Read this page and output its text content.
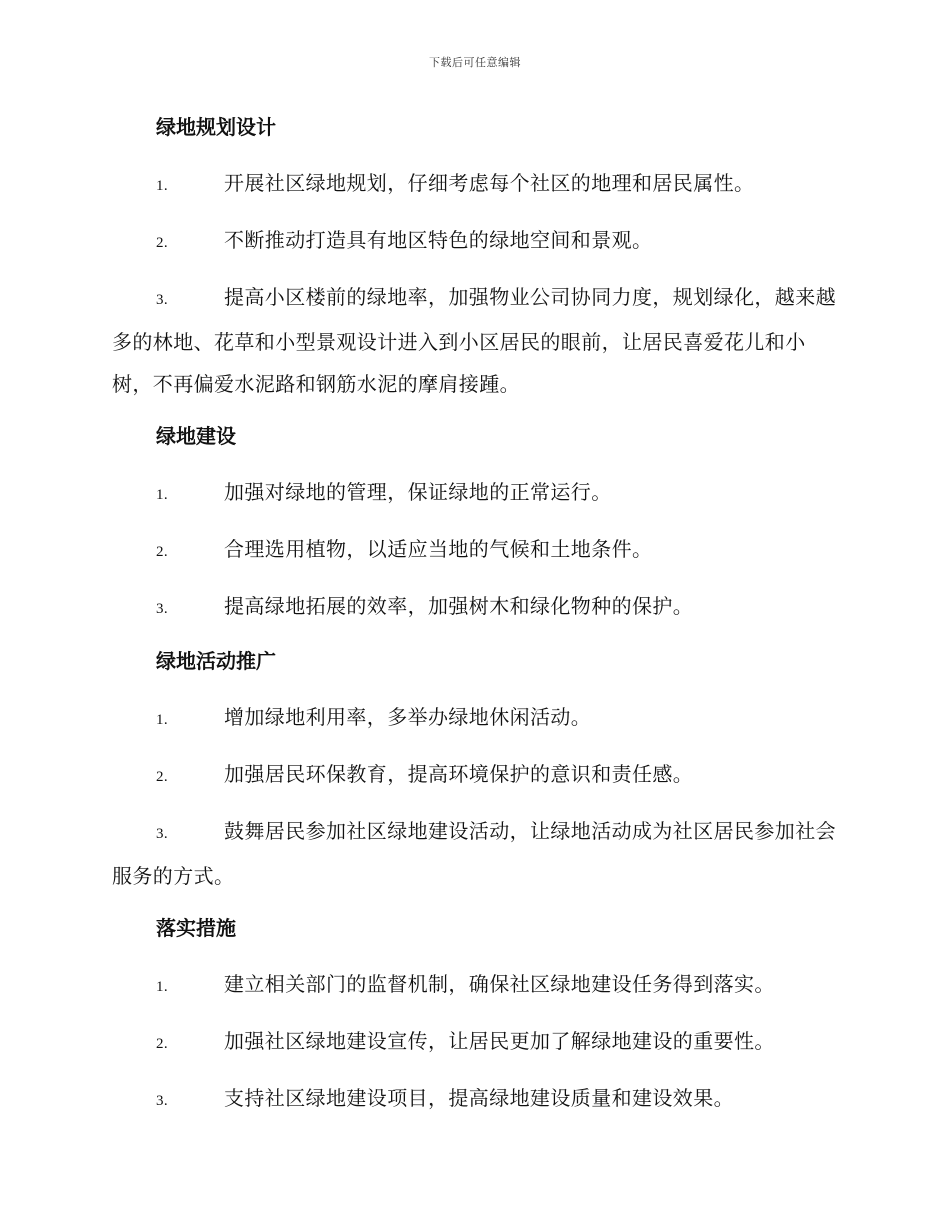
下载后可任意编辑
绿地规划设计
1.	开展社区绿地规划，仔细考虑每个社区的地理和居民属性。
2.	不断推动打造具有地区特色的绿地空间和景观。
3.	提高小区楼前的绿地率，加强物业公司协同力度，规划绿化，越来越多的林地、花草和小型景观设计进入到小区居民的眼前，让居民喜爱花儿和小树，不再偏爱水泥路和钢筋水泥的摩肩接踵。
绿地建设
1.	加强对绿地的管理，保证绿地的正常运行。
2.	合理选用植物，以适应当地的气候和土地条件。
3.	提高绿地拓展的效率，加强树木和绿化物种的保护。
绿地活动推广
1.	增加绿地利用率，多举办绿地休闲活动。
2.	加强居民环保教育，提高环境保护的意识和责任感。
3.	鼓舞居民参加社区绿地建设活动，让绿地活动成为社区居民参加社会服务的方式。
落实措施
1.	建立相关部门的监督机制，确保社区绿地建设任务得到落实。
2.	加强社区绿地建设宣传，让居民更加了解绿地建设的重要性。
3.	支持社区绿地建设项目，提高绿地建设质量和建设效果。
